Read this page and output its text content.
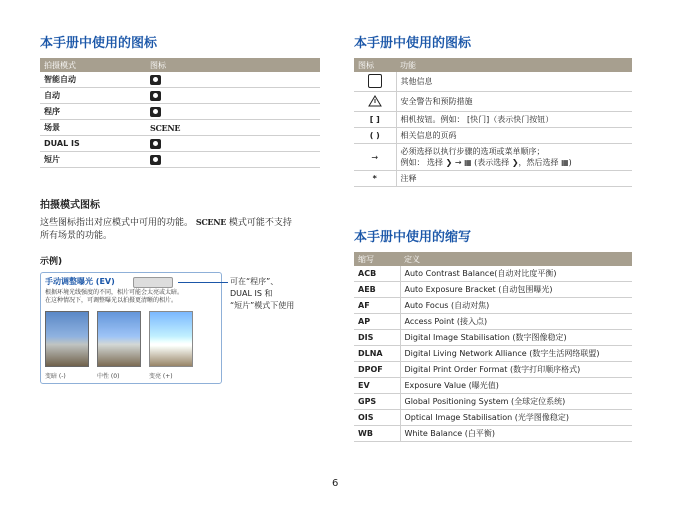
本手册中使用的图标
拍摄模式	图标
智能自动	
自动	
程序	
场景	SCENE
DUAL IS	
短片	

拍摄模式图标

这些图标指出对应模式中可用的功能。 SCENE 模式可能不支持
所有场景的功能。

示例)

手动调整曝光 (EV)
根据环境光线强度的不同，相片可能会太亮或太暗。
在这种情况下，可调整曝光以拍摄更清晰的相片。

变暗 (-)	中性 (0)	变亮 (+)

可在“程序”、
DUAL IS 和
“短片”模式下使用
本手册中使用的图标
图标	功能
	其他信息
	安全警告和预防措施
[ ]	相机按钮。例如： [快门]（表示快门按钮）
( )	相关信息的页码
→	必须选择以执行步骤的选项或菜单顺序；
例如： 选择 ❯ → ▦ (表示选择 ❯，然后选择 ▦)
*	注释
本手册中使用的缩写
缩写	定义
ACB	Auto Contrast Balance(自动对比度平衡)
AEB	Auto Exposure Bracket (自动包围曝光)
AF	Auto Focus (自动对焦)
AP	Access Point (接入点)
DIS	Digital Image Stabilisation (数字图像稳定)
DLNA	Digital Living Network Alliance (数字生活网络联盟)
DPOF	Digital Print Order Format (数字打印顺序格式)
EV	Exposure Value (曝光值)
GPS	Global Positioning System (全球定位系统)
OIS	Optical Image Stabilisation (光学图像稳定)
WB	White Balance (白平衡)
6
